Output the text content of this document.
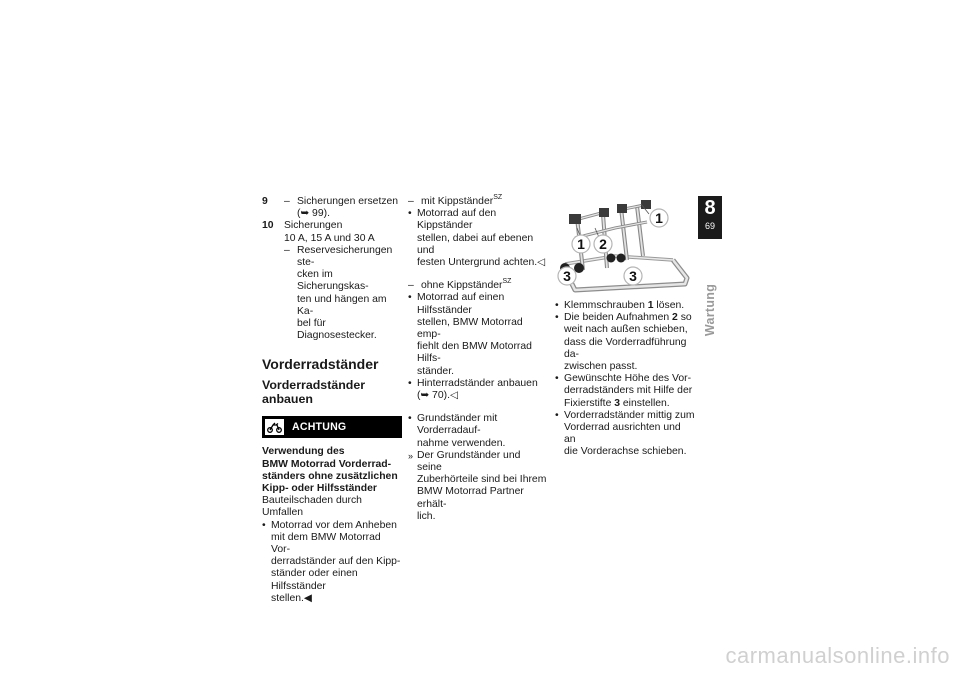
9
–	Sicherungen ersetzen
(➥ 99).
10 Sicherungen
10 A, 15 A und 30 A
– Reservesicherungen ste-
cken im Sicherungskas-
ten und hängen am Ka-
bel für Diagnosestecker.
Vorderradständer
Vorderradständer
anbauen
ACHTUNG
Verwendung des
BMW Motorrad Vorderrad-
ständers ohne zusätzlichen
Kipp- oder Hilfsständer
Bauteilschaden durch Umfallen
• Motorrad vor dem Anheben
mit dem BMW Motorrad Vor-
derradständer auf den Kipp-
ständer oder einen Hilfsständer
stellen.◀
– mit Kippständer$^{SZ}$
• Motorrad auf den Kippständer
stellen, dabei auf ebenen und
festen Untergrund achten.◁
– ohne Kippständer$^{SZ}$
• Motorrad auf einen Hilfsständer
stellen, BMW Motorrad emp-
fiehlt den BMW Motorrad Hilfs-
ständer.
• Hinterradständer anbauen
(➥ 70).◁
• Grundständer mit Vorderradauf-
nahme verwenden.
» Der Grundständer und seine
Zuberhörteile sind bei Ihrem
BMW Motorrad Partner erhält-
lich.
1
1 2
3	3
• Klemmschrauben 1 lösen.
• Die beiden Aufnahmen 2 so
weit nach außen schieben,
dass die Vorderradführung da-
zwischen passt.
• Gewünschte Höhe des Vor-
derradständers mit Hilfe der
Fixierstifte 3 einstellen.
• Vorderradständer mittig zum
Vorderrad ausrichten und an
die Vorderachse schieben.
8
69
Wartung
carmanualsonline.info
